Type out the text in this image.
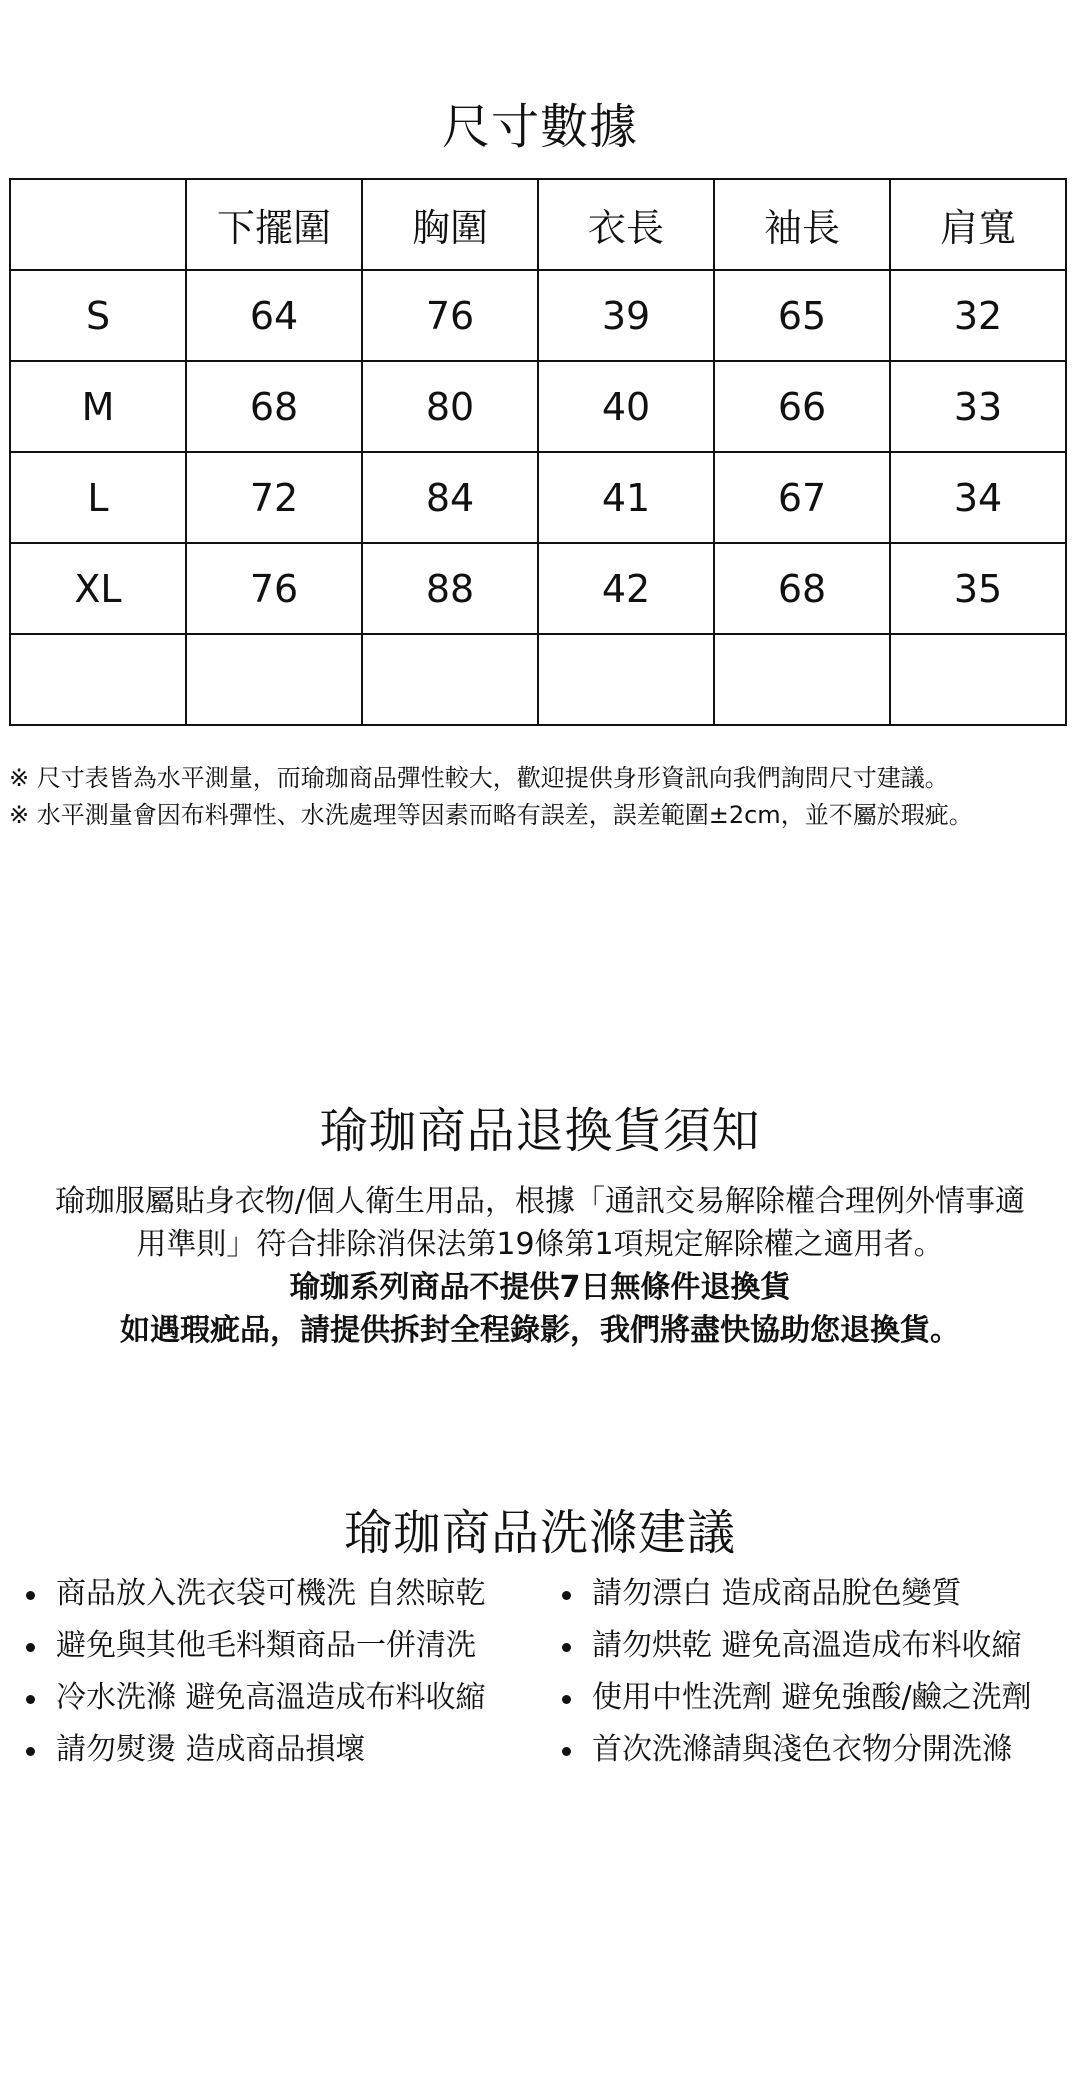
尺寸數據
	下擺圍	胸圍	衣長	袖長	肩寬
S	64	76	39	65	32
M	68	80	40	66	33
L	72	84	41	67	34
XL	76	88	42	68	35

※ 尺寸表皆為水平測量，而瑜珈商品彈性較大，歡迎提供身形資訊向我們詢問尺寸建議。
※ 水平測量會因布料彈性、水洗處理等因素而略有誤差，誤差範圍±2cm，並不屬於瑕疵。
瑜珈商品退換貨須知
瑜珈服屬貼身衣物/個人衛生用品，根據「通訊交易解除權合理例外情事適
用準則」符合排除消保法第19條第1項規定解除權之適用者。
瑜珈系列商品不提供7日無條件退換貨
如遇瑕疵品，請提供拆封全程錄影，我們將盡快協助您退換貨。
瑜珈商品洗滌建議
商品放入洗衣袋可機洗 自然晾乾
避免與其他毛料類商品一併清洗
冷水洗滌 避免高溫造成布料收縮
請勿熨燙 造成商品損壞
請勿漂白 造成商品脫色變質
請勿烘乾 避免高溫造成布料收縮
使用中性洗劑 避免強酸/鹼之洗劑
首次洗滌請與淺色衣物分開洗滌
